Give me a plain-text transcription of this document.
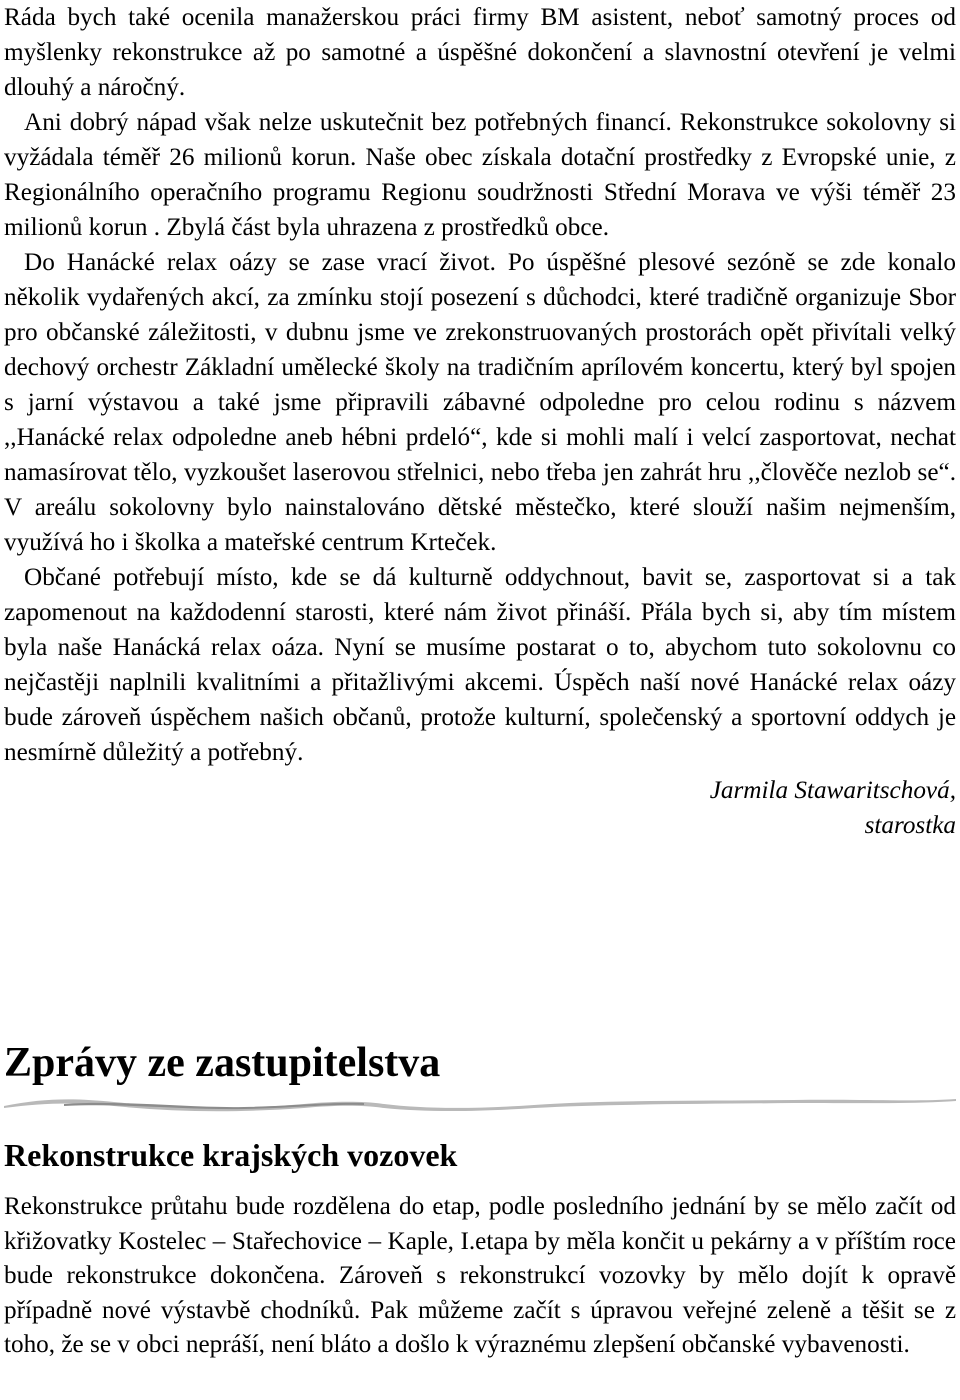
Ráda bych také ocenila manažerskou práci firmy BM asistent, neboť samotný proces od myšlenky rekonstrukce až po samotné a úspěšné dokončení a slavnostní otevření je velmi dlouhý a náročný.

Ani dobrý nápad však nelze uskutečnit bez potřebných financí. Rekonstrukce sokolovny si vyžádala téměř 26 milionů korun. Naše obec získala dotační prostředky z Evropské unie, z Regionálního operačního programu Regionu soudržnosti Střední Morava ve výši téměř 23 milionů korun . Zbylá část byla uhrazena z prostředků obce.

Do Hanácké relax oázy se zase vrací život. Po úspěšné plesové sezóně se zde konalo několik vydařených akcí, za zmínku stojí posezení s důchodci, které tradičně organizuje Sbor pro občanské záležitosti, v dubnu jsme ve zrekonstruovaných prostorách opět přivítali velký dechový orchestr Základní umělecké školy na tradičním aprílovém koncertu, který byl spojen s jarní výstavou a také jsme připravili zábavné odpoledne pro celou rodinu s názvem ,,Hanácké relax odpoledne aneb hébni prdeló“, kde si mohli malí i velcí zasportovat, nechat namasírovat tělo, vyzkoušet laserovou střelnici, nebo třeba jen zahrát hru ,,člověče nezlob se“. V areálu sokolovny bylo nainstalováno dětské městečko, které slouží našim nejmenším, využívá ho i školka a mateřské centrum Krteček.

Občané potřebují místo, kde se dá kulturně oddychnout, bavit se, zasportovat si a tak zapomenout na každodenní starosti, které nám život přináší. Přála bych si, aby tím místem byla naše Hanácká relax oáza. Nyní se musíme postarat o to, abychom tuto sokolovnu co nejčastěji naplnili kvalitními a přitažlivými akcemi. Úspěch naší nové Hanácké relax oázy bude zároveň úspěchem našich občanů, protože kulturní, společenský a sportovní oddych je nesmírně důležitý a potřebný.

Jarmila Stawaritschová,

starostka

Zprávy ze zastupitelstva
Rekonstrukce krajských vozovek

Rekonstrukce průtahu bude rozdělena do etap, podle posledního jednání by se mělo začít od křižovatky Kostelec – Stařechovice – Kaple, I.etapa by měla končit u pekárny a v příštím roce bude rekonstrukce dokončena. Zároveň s rekonstrukcí vozovky by mělo dojít k opravě případně nové výstavbě chodníků. Pak můžeme začít s úpravou veřejné zeleně a těšit se z toho, že se v obci nepráší, není bláto a došlo k výraznému zlepšení občanské vybavenosti.
